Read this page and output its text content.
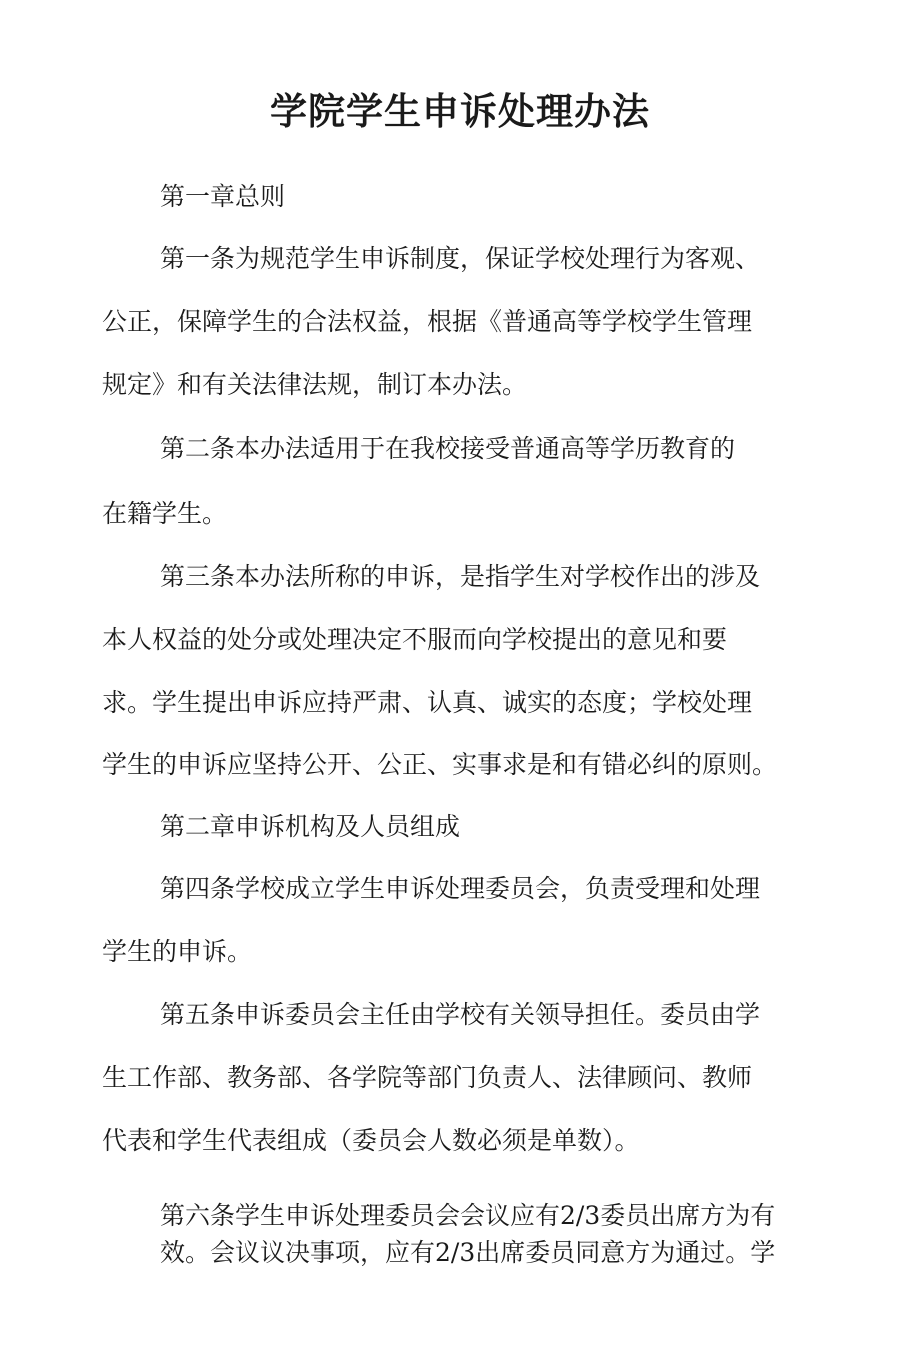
学院学生申诉处理办法
第一章总则
第一条为规范学生申诉制度，保证学校处理行为客观、
公正，保障学生的合法权益，根据《普通高等学校学生管理
规定》和有关法律法规，制订本办法。
第二条本办法适用于在我校接受普通高等学历教育的
在籍学生。
第三条本办法所称的申诉，是指学生对学校作出的涉及
本人权益的处分或处理决定不服而向学校提出的意见和要
求。学生提出申诉应持严肃、认真、诚实的态度；学校处理
学生的申诉应坚持公开、公正、实事求是和有错必纠的原则。
第二章申诉机构及人员组成
第四条学校成立学生申诉处理委员会，负责受理和处理
学生的申诉。
第五条申诉委员会主任由学校有关领导担任。委员由学
生工作部、教务部、各学院等部门负责人、法律顾问、教师
代表和学生代表组成（委员会人数必须是单数）。
第六条学生申诉处理委员会会议应有2/3委员出席方为有
效。会议议决事项，应有2/3出席委员同意方为通过。学
